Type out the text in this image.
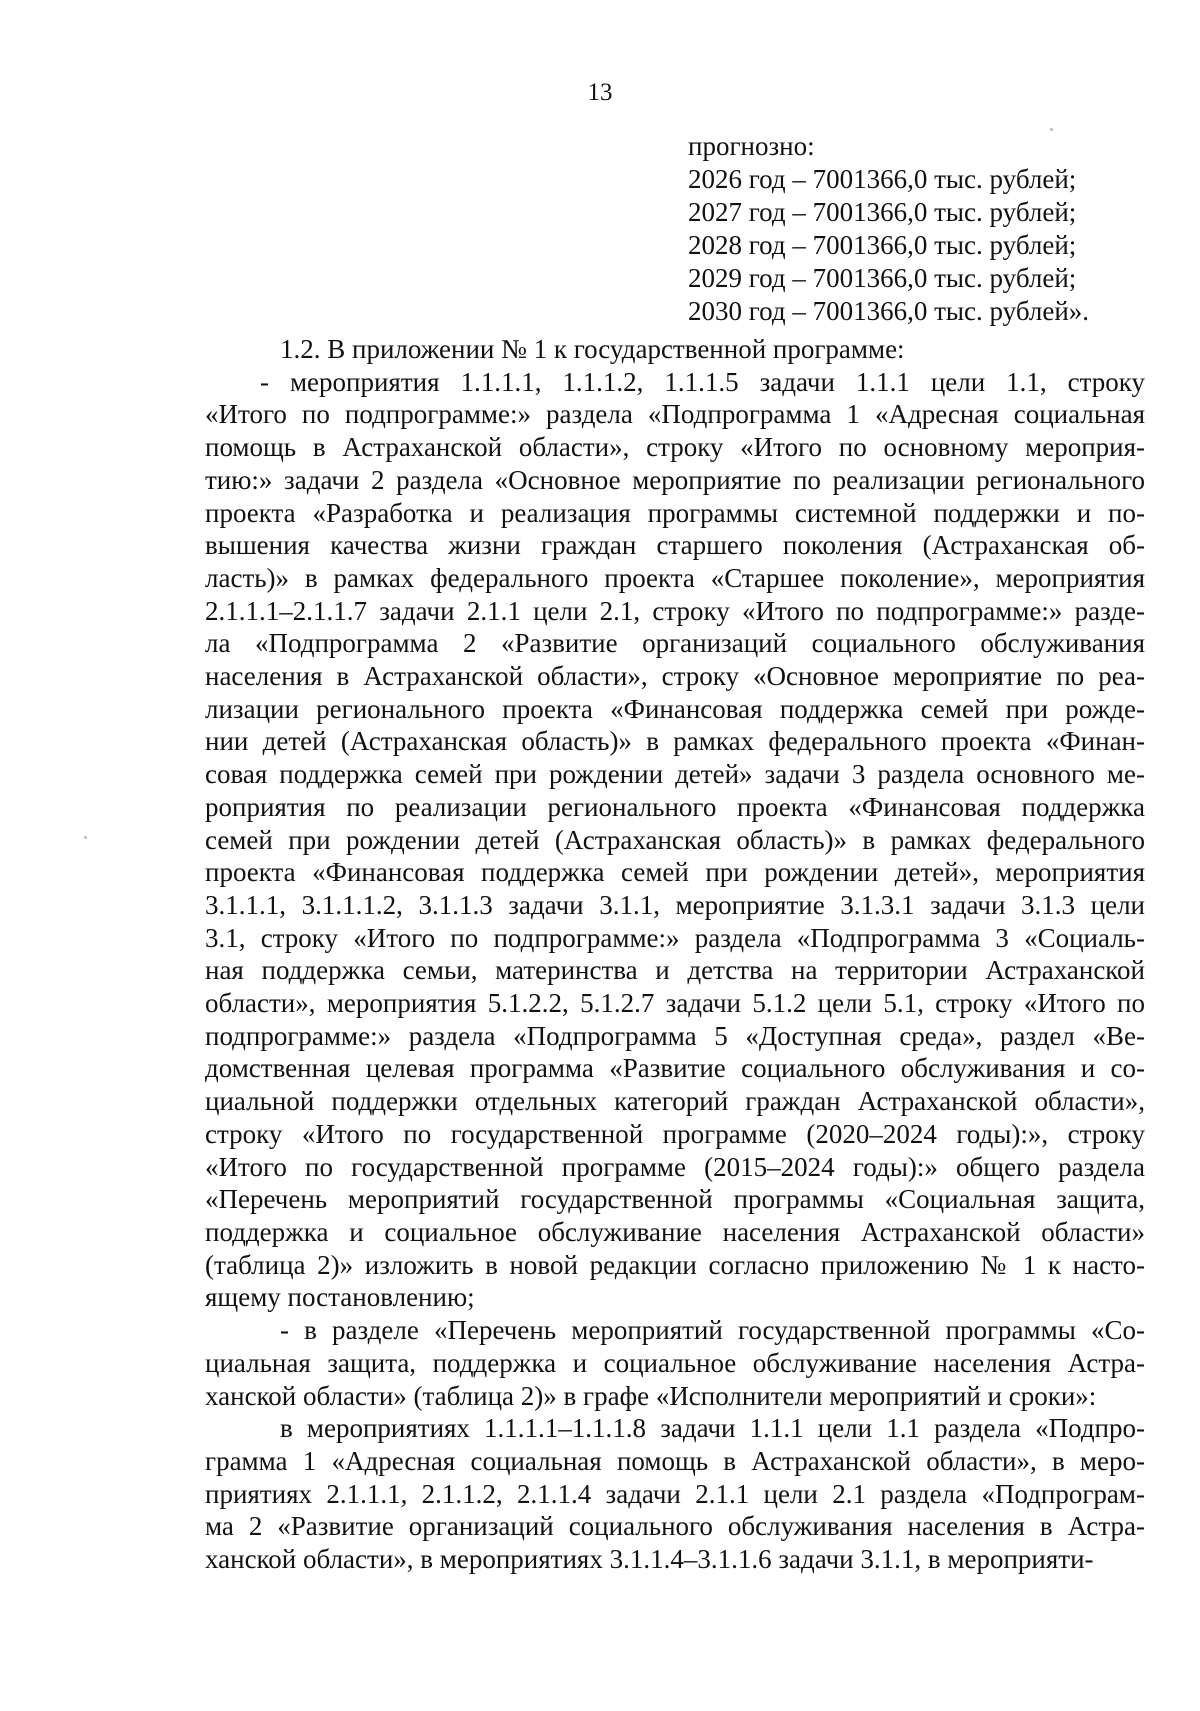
13
прогнозно:
2026 год – 7001366,0 тыс. рублей;
2027 год – 7001366,0 тыс. рублей;
2028 год – 7001366,0 тыс. рублей;
2029 год – 7001366,0 тыс. рублей;
2030 год – 7001366,0 тыс. рублей».

1.2. В приложении № 1 к государственной программе:

- мероприятия 1.1.1.1, 1.1.1.2, 1.1.1.5 задачи 1.1.1 цели 1.1, строку
«Итого по подпрограмме:» раздела «Подпрограмма 1 «Адресная социальная
помощь в Астраханской области», строку «Итого по основному мероприя-
тию:» задачи 2 раздела «Основное мероприятие по реализации регионального
проекта «Разработка и реализация программы системной поддержки и по-
вышения качества жизни граждан старшего поколения (Астраханская об-
ласть)» в рамках федерального проекта «Старшее поколение», мероприятия
2.1.1.1–2.1.1.7 задачи 2.1.1 цели 2.1, строку «Итого по подпрограмме:» разде-
ла «Подпрограмма 2 «Развитие организаций социального обслуживания
населения в Астраханской области», строку «Основное мероприятие по реа-
лизации регионального проекта «Финансовая поддержка семей при рожде-
нии детей (Астраханская область)» в рамках федерального проекта «Финан-
совая поддержка семей при рождении детей» задачи 3 раздела основного ме-
роприятия по реализации регионального проекта «Финансовая поддержка
семей при рождении детей (Астраханская область)» в рамках федерального
проекта «Финансовая поддержка семей при рождении детей», мероприятия
3.1.1.1, 3.1.1.1.2, 3.1.1.3 задачи 3.1.1, мероприятие 3.1.3.1 задачи 3.1.3 цели
3.1, строку «Итого по подпрограмме:» раздела «Подпрограмма 3 «Социаль-
ная поддержка семьи, материнства и детства на территории Астраханской
области», мероприятия 5.1.2.2, 5.1.2.7 задачи 5.1.2 цели 5.1, строку «Итого по
подпрограмме:» раздела «Подпрограмма 5 «Доступная среда», раздел «Ве-
домственная целевая программа «Развитие социального обслуживания и со-
циальной поддержки отдельных категорий граждан Астраханской области»,
строку «Итого по государственной программе (2020–2024 годы):», строку
«Итого по государственной программе (2015–2024 годы):» общего раздела
«Перечень мероприятий государственной программы «Социальная защита,
поддержка и социальное обслуживание населения Астраханской области»
(таблица 2)» изложить в новой редакции согласно приложению № 1 к насто-
ящему постановлению;
- в разделе «Перечень мероприятий государственной программы «Со-
циальная защита, поддержка и социальное обслуживание населения Астра-
ханской области» (таблица 2)» в графе «Исполнители мероприятий и сроки»:
в мероприятиях 1.1.1.1–1.1.1.8 задачи 1.1.1 цели 1.1 раздела «Подпро-
грамма 1 «Адресная социальная помощь в Астраханской области», в меро-
приятиях 2.1.1.1, 2.1.1.2, 2.1.1.4 задачи 2.1.1 цели 2.1 раздела «Подпрограм-
ма 2 «Развитие организаций социального обслуживания населения в Астра-
ханской области», в мероприятиях 3.1.1.4–3.1.1.6 задачи 3.1.1, в мероприяти-
